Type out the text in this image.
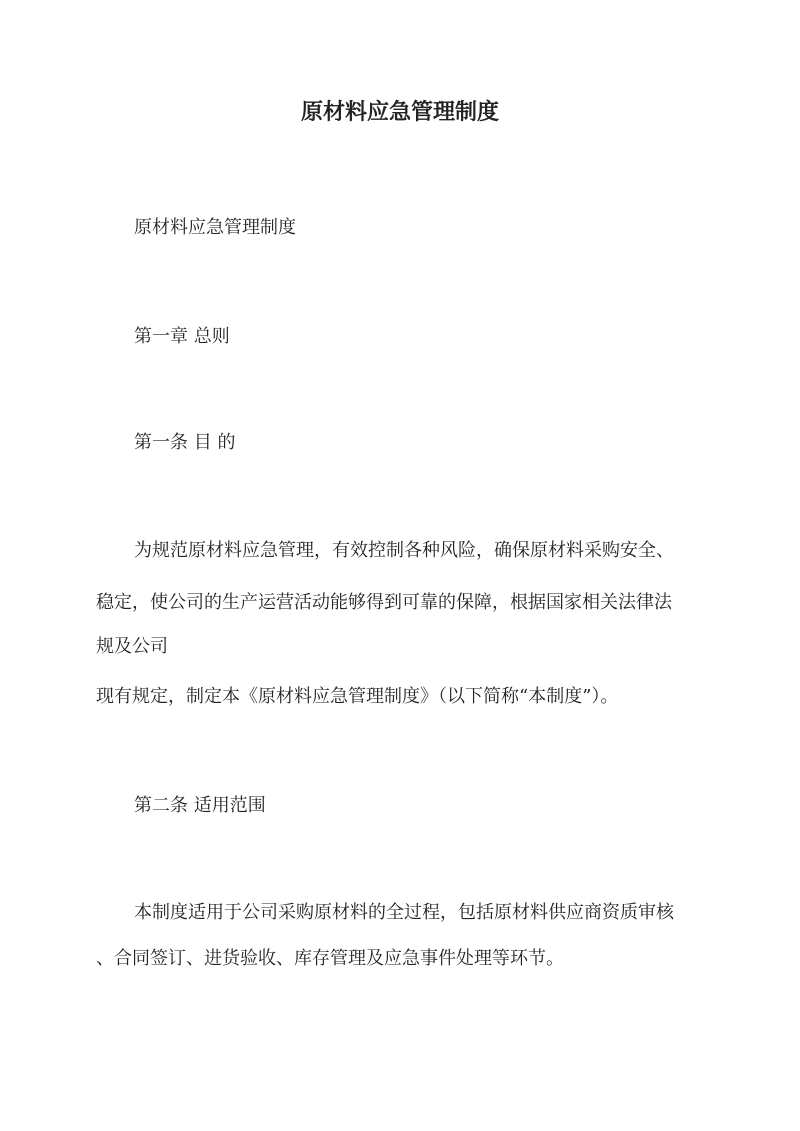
原材料应急管理制度
原材料应急管理制度
第一章 总则
第一条 目 的
为规范原材料应急管理，有效控制各种风险，确保原材料采购安全、
稳定，使公司的生产运营活动能够得到可靠的保障，根据国家相关法律法
规及公司
现有规定，制定本《原材料应急管理制度》（以下简称“本制度”）。
第二条 适用范围
本制度适用于公司采购原材料的全过程，包括原材料供应商资质审核
、合同签订、进货验收、库存管理及应急事件处理等环节。
